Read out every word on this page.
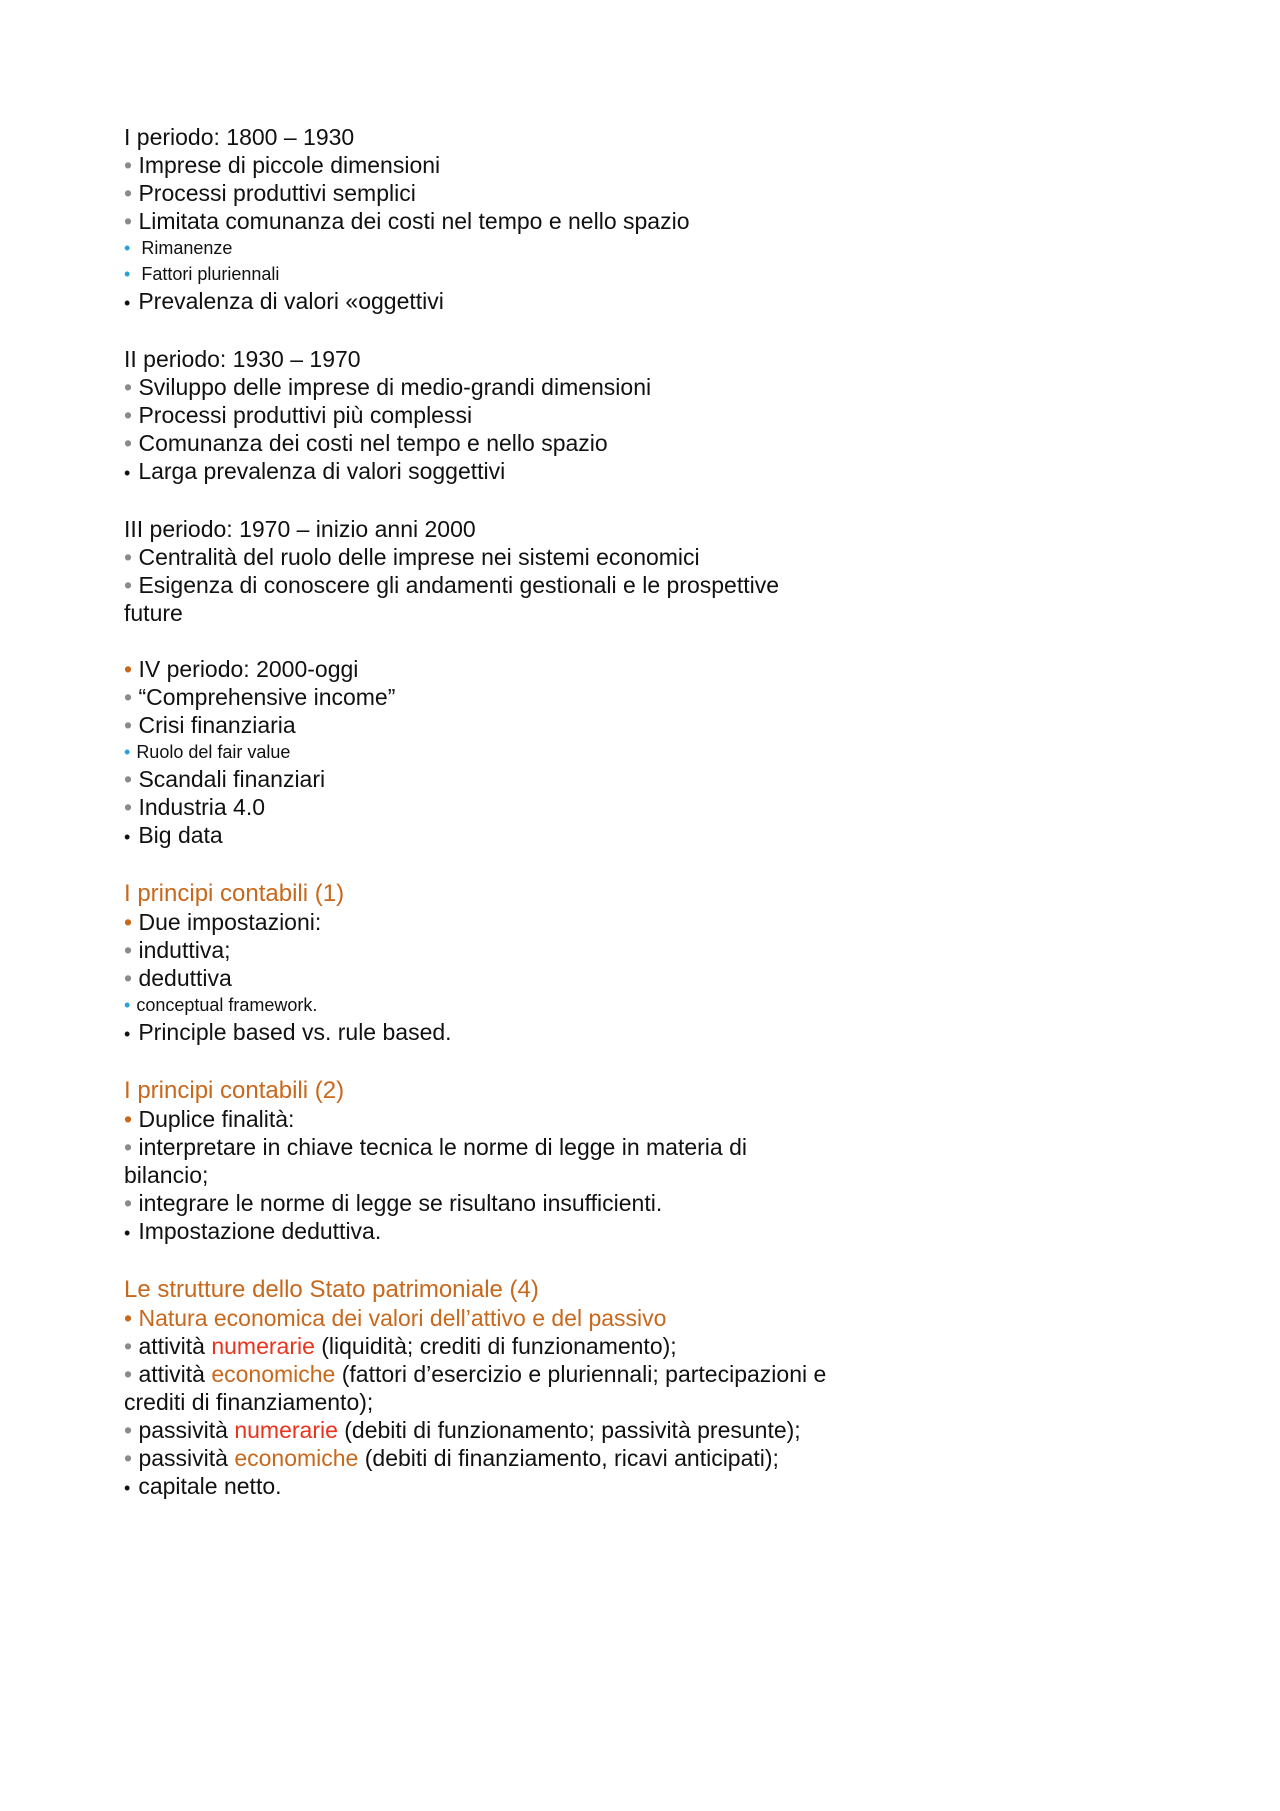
I periodo: 1800 – 1930
• Imprese di piccole dimensioni
• Processi produttivi semplici
• Limitata comunanza dei costi nel tempo e nello spazio
• Rimanenze
• Fattori pluriennali
• Prevalenza di valori «oggettivi
II periodo: 1930 – 1970
• Sviluppo delle imprese di medio-grandi dimensioni
• Processi produttivi più complessi
• Comunanza dei costi nel tempo e nello spazio
• Larga prevalenza di valori soggettivi
III periodo: 1970 – inizio anni 2000
• Centralità del ruolo delle imprese nei sistemi economici
• Esigenza di conoscere gli andamenti gestionali e le prospettive
future
• IV periodo: 2000-oggi
• “Comprehensive income”
• Crisi finanziaria
• Ruolo del fair value
• Scandali finanziari
• Industria 4.0
• Big data
I principi contabili (1)
• Due impostazioni:
• induttiva;
• deduttiva
• conceptual framework.
• Principle based vs. rule based.
I principi contabili (2)
• Duplice finalità:
• interpretare in chiave tecnica le norme di legge in materia di
bilancio;
• integrare le norme di legge se risultano insufficienti.
• Impostazione deduttiva.
Le strutture dello Stato patrimoniale (4)
• Natura economica dei valori dell’attivo e del passivo
• attività numerarie (liquidità; crediti di funzionamento);
• attività economiche (fattori d’esercizio e pluriennali; partecipazioni e
crediti di finanziamento);
• passività numerarie (debiti di funzionamento; passività presunte);
• passività economiche (debiti di finanziamento, ricavi anticipati);
• capitale netto.
